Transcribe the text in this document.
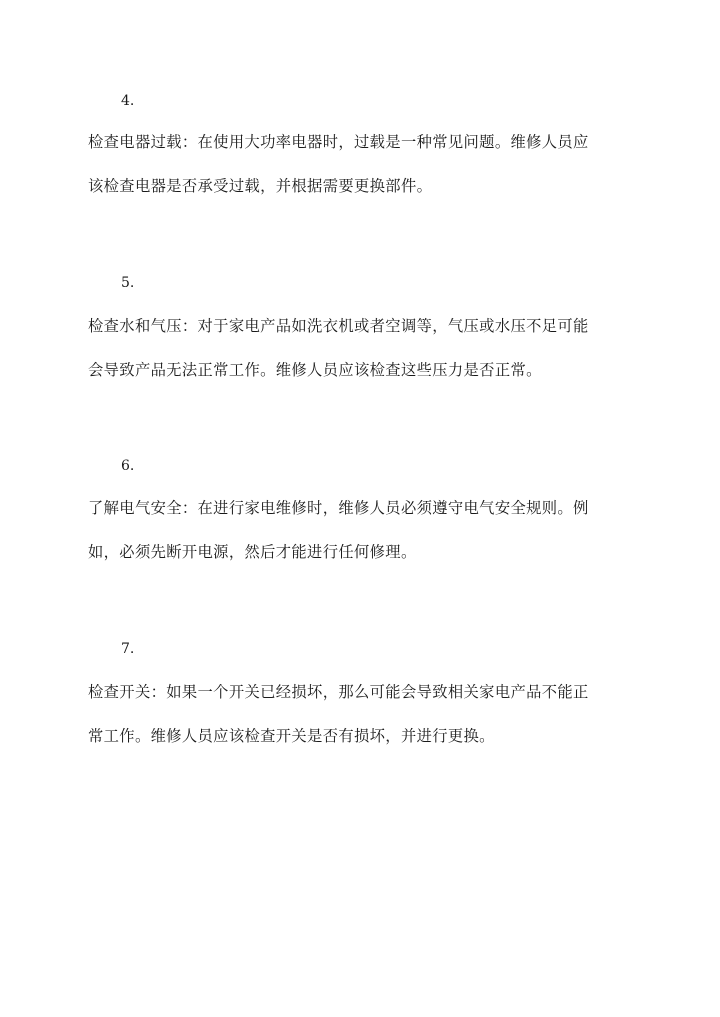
4.
检查电器过载：在使用大功率电器时，过载是一种常见问题。维修人员应
该检查电器是否承受过载，并根据需要更换部件。
5.
检查水和气压：对于家电产品如洗衣机或者空调等，气压或水压不足可能
会导致产品无法正常工作。维修人员应该检查这些压力是否正常。
6.
了解电气安全：在进行家电维修时，维修人员必须遵守电气安全规则。例
如，必须先断开电源，然后才能进行任何修理。
7.
检查开关：如果一个开关已经损坏，那么可能会导致相关家电产品不能正
常工作。维修人员应该检查开关是否有损坏，并进行更换。
